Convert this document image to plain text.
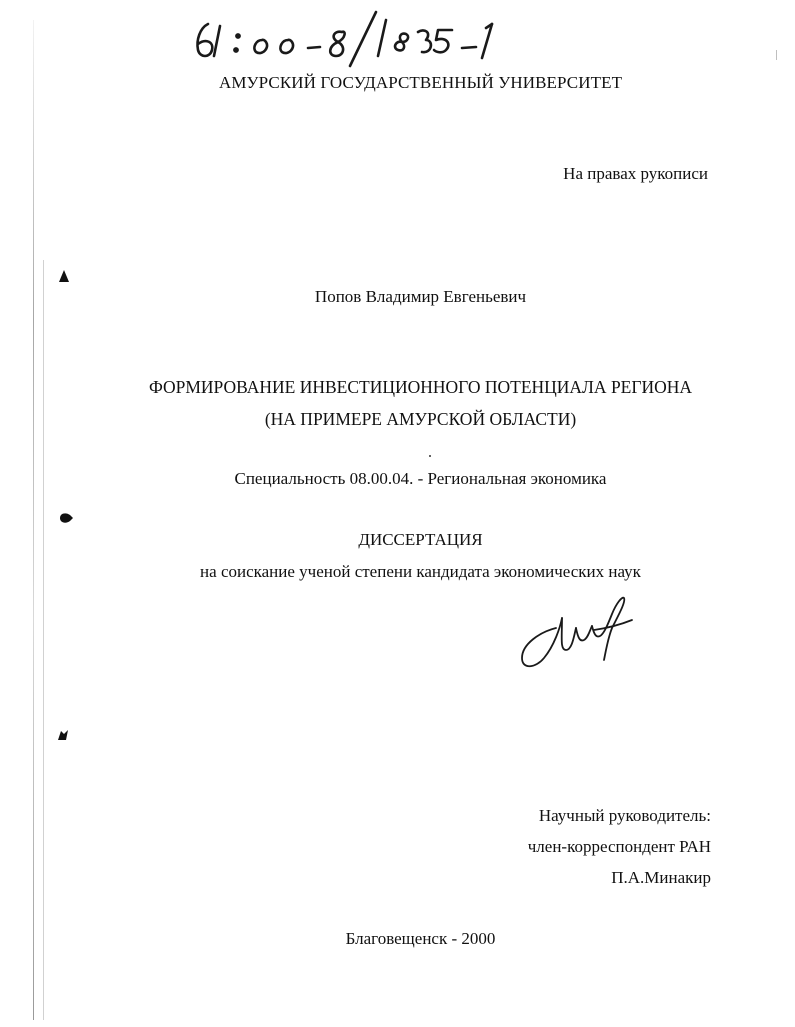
АМУРСКИЙ ГОСУДАРСТВЕННЫЙ УНИВЕРСИТЕТ
На правах рукописи
Попов Владимир Евгеньевич
ФОРМИРОВАНИЕ ИНВЕСТИЦИОННОГО ПОТЕНЦИАЛА РЕГИОНА
(НА ПРИМЕРЕ АМУРСКОЙ ОБЛАСТИ)
Специальность 08.00.04. - Региональная экономика
ДИССЕРТАЦИЯ
на соискание ученой степени кандидата экономических наук
Научный руководитель:
член-корреспондент РАН
П.А.Минакир
Благовещенск - 2000
